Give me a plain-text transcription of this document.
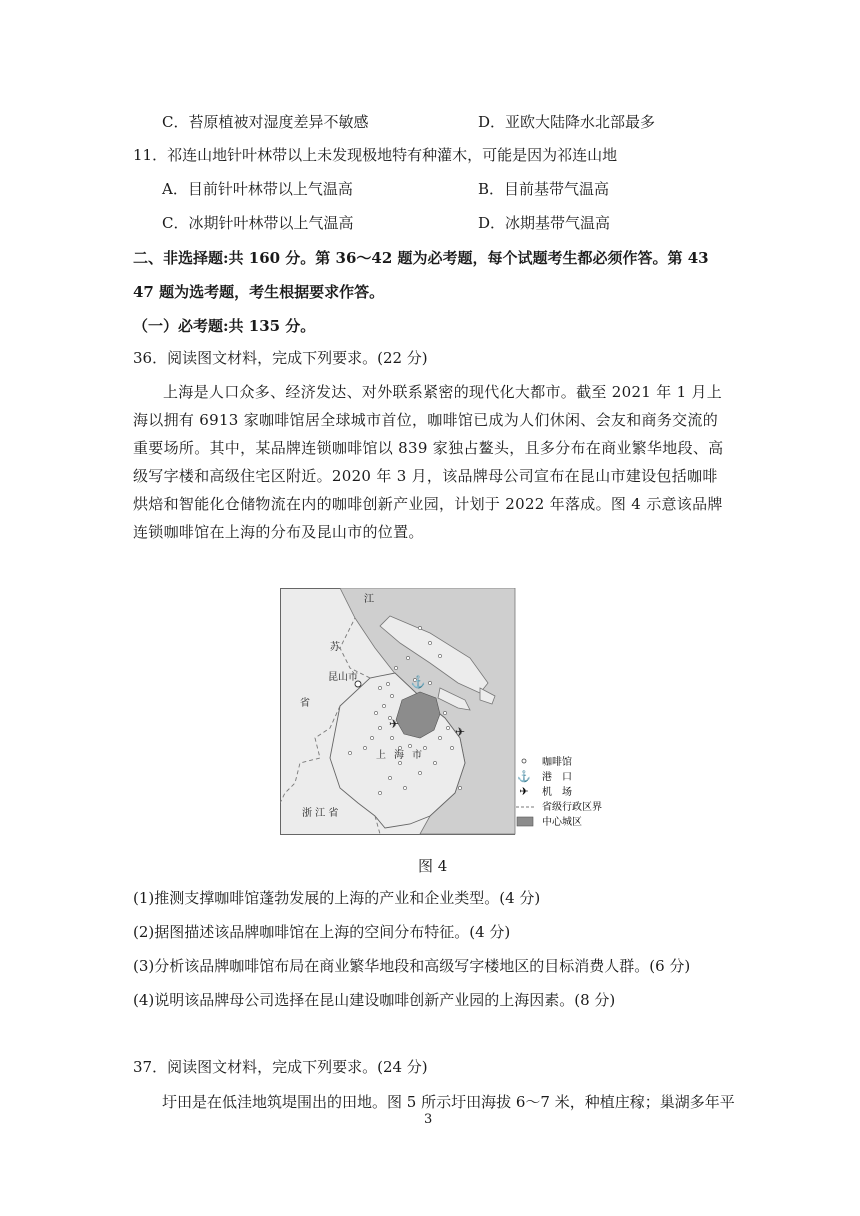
C．苔原植被对湿度差异不敏感	D．亚欧大陆降水北部最多
11．祁连山地针叶林带以上未发现极地特有种灌木，可能是因为祁连山地
A．目前针叶林带以上气温高	B．目前基带气温高
C．冰期针叶林带以上气温高	D．冰期基带气温高
二、非选择题:共 160 分。第 36～42 题为必考题，每个试题考生都必须作答。第 43
47 题为选考题，考生根据要求作答。
（一）必考题:共 135 分。
36．阅读图文材料，完成下列要求。(22 分)
上海是人口众多、经济发达、对外联系紧密的现代化大都市。截至 2021 年 1 月上海以拥有 6913 家咖啡馆居全球城市首位，咖啡馆已成为人们休闲、会友和商务交流的重要场所。其中，某品牌连锁咖啡馆以 839 家独占鳌头，且多分布在商业繁华地段、高级写字楼和高级住宅区附近。2020 年 3 月，该品牌母公司宣布在昆山市建设包括咖啡烘焙和智能化仓储物流在内的咖啡创新产业园，计划于 2022 年落成。图 4 示意该品牌连锁咖啡馆在上海的分布及昆山市的位置。
⚓
✈
✈
江
苏
省
昆山市
上 海 市
浙 江 省
咖啡馆
⚓ 港　口
✈ 机　场
省级行政区界
中心城区
图 4
(1)推测支撑咖啡馆蓬勃发展的上海的产业和企业类型。(4 分)
(2)据图描述该品牌咖啡馆在上海的空间分布特征。(4 分)
(3)分析该品牌咖啡馆布局在商业繁华地段和高级写字楼地区的目标消费人群。(6 分)
(4)说明该品牌母公司选择在昆山建设咖啡创新产业园的上海因素。(8 分)
37．阅读图文材料，完成下列要求。(24 分)
圩田是在低洼地筑堤围出的田地。图 5 所示圩田海拔 6～7 米，种植庄稼；巢湖多年平
3
